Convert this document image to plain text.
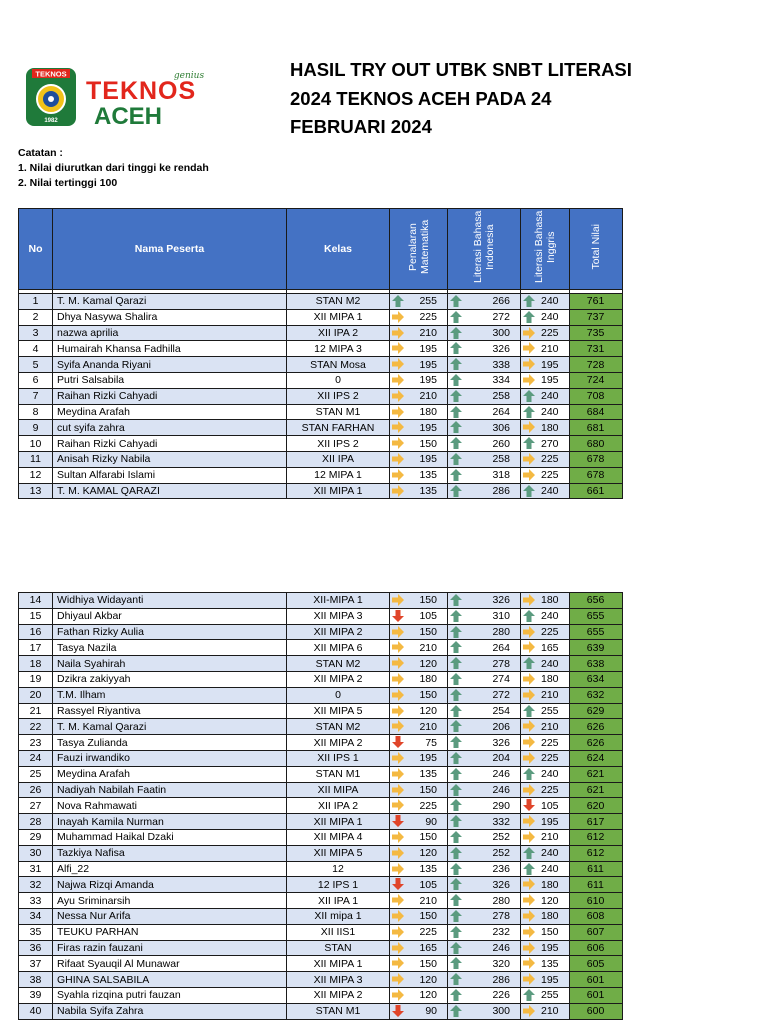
TEKNOS
1982
genius
TEKNOS
ACEH
HASIL TRY OUT UTBK SNBT LITERASI
2024 TEKNOS ACEH PADA 24
FEBRUARI 2024
Catatan :
1. Nilai diurutkan dari tinggi ke rendah
2. Nilai tertinggi 100
No	Nama Peserta	Kelas	Penalaran Matematika	Literasi Bahasa Indonesia	Literasi Bahasa Inggris	Total Nilai

1	T. M. Kamal Qarazi	STAN M2	255	266	240	761
2	Dhya Nasywa Shalira	XII MIPA 1	225	272	240	737
3	nazwa aprilia	XII IPA 2	210	300	225	735
4	Humairah Khansa Fadhilla	12 MIPA 3	195	326	210	731
5	Syifa Ananda Riyani	STAN Mosa	195	338	195	728
6	Putri Salsabila	0	195	334	195	724
7	Raihan Rizki Cahyadi	XII IPS 2	210	258	240	708
8	Meydina Arafah	STAN M1	180	264	240	684
9	cut syifa zahra	STAN FARHAN	195	306	180	681
10	Raihan Rizki Cahyadi	XII IPS 2	150	260	270	680
11	Anisah Rizky Nabila	XII IPA	195	258	225	678
12	Sultan Alfarabi Islami	12 MIPA 1	135	318	225	678
13	T. M. KAMAL QARAZI	XII MIPA 1	135	286	240	661
14	Widhiya Widayanti	XII-MIPA 1	150	326	180	656
15	Dhiyaul Akbar	XII MIPA 3	105	310	240	655
16	Fathan Rizky Aulia	XII MIPA 2	150	280	225	655
17	Tasya Nazila	XII MIPA 6	210	264	165	639
18	Naila Syahirah	STAN M2	120	278	240	638
19	Dzikra zakiyyah	XII MIPA 2	180	274	180	634
20	T.M. Ilham	0	150	272	210	632
21	Rassyel Riyantiva	XII MIPA 5	120	254	255	629
22	T. M. Kamal Qarazi	STAN M2	210	206	210	626
23	Tasya Zulianda	XII MIPA 2	75	326	225	626
24	Fauzi irwandiko	XII IPS 1	195	204	225	624
25	Meydina Arafah	STAN M1	135	246	240	621
26	Nadiyah Nabilah Faatin	XII MIPA	150	246	225	621
27	Nova Rahmawati	XII IPA 2	225	290	105	620
28	Inayah Kamila Nurman	XII MIPA 1	90	332	195	617
29	Muhammad Haikal Dzaki	XII MIPA 4	150	252	210	612
30	Tazkiya Nafisa	XII MIPA 5	120	252	240	612
31	Alfi_22	12	135	236	240	611
32	Najwa Rizqi Amanda	12 IPS 1	105	326	180	611
33	Ayu Sriminarsih	XII IPA 1	210	280	120	610
34	Nessa Nur Arifa	XII mipa 1	150	278	180	608
35	TEUKU PARHAN	XII IIS1	225	232	150	607
36	Firas razin fauzani	STAN	165	246	195	606
37	Rifaat Syauqil Al Munawar	XII MIPA 1	150	320	135	605
38	GHINA SALSABILA	XII MIPA 3	120	286	195	601
39	Syahla rizqina putri fauzan	XII MIPA 2	120	226	255	601
40	Nabila Syifa Zahra	STAN M1	90	300	210	600
